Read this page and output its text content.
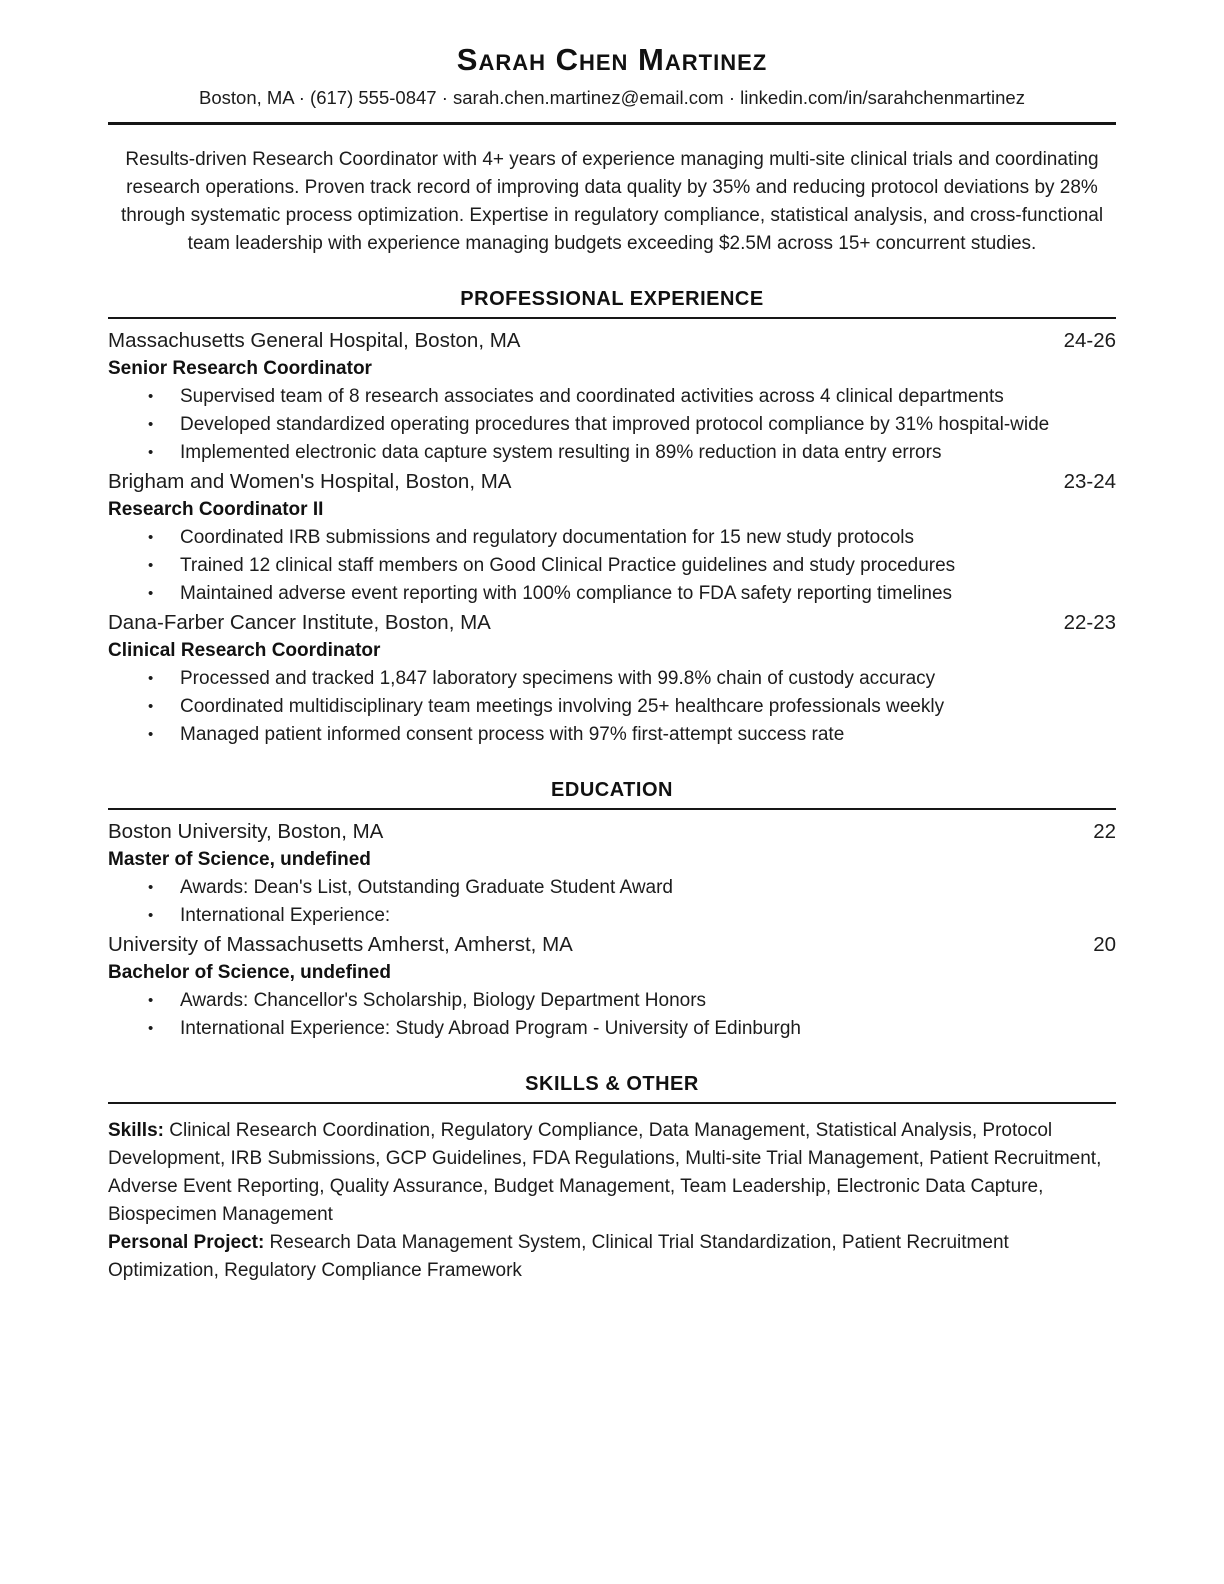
Sarah Chen Martinez
Boston, MA · (617) 555-0847 · sarah.chen.martinez@email.com · linkedin.com/in/sarahchenmartinez

Results-driven Research Coordinator with 4+ years of experience managing multi-site clinical trials and coordinating research operations. Proven track record of improving data quality by 35% and reducing protocol deviations by 28% through systematic process optimization. Expertise in regulatory compliance, statistical analysis, and cross-functional team leadership with experience managing budgets exceeding $2.5M across 15+ concurrent studies.

PROFESSIONAL EXPERIENCE
Massachusetts General Hospital, Boston, MA	24-26
Senior Research Coordinator
•	Supervised team of 8 research associates and coordinated activities across 4 clinical departments
•	Developed standardized operating procedures that improved protocol compliance by 31% hospital-wide
•	Implemented electronic data capture system resulting in 89% reduction in data entry errors
Brigham and Women's Hospital, Boston, MA	23-24
Research Coordinator II
•	Coordinated IRB submissions and regulatory documentation for 15 new study protocols
•	Trained 12 clinical staff members on Good Clinical Practice guidelines and study procedures
•	Maintained adverse event reporting with 100% compliance to FDA safety reporting timelines
Dana-Farber Cancer Institute, Boston, MA	22-23
Clinical Research Coordinator
•	Processed and tracked 1,847 laboratory specimens with 99.8% chain of custody accuracy
•	Coordinated multidisciplinary team meetings involving 25+ healthcare professionals weekly
•	Managed patient informed consent process with 97% first-attempt success rate
EDUCATION
Boston University, Boston, MA	22
Master of Science, undefined
•	Awards: Dean's List, Outstanding Graduate Student Award
•	International Experience:
University of Massachusetts Amherst, Amherst, MA	20
Bachelor of Science, undefined
•	Awards: Chancellor's Scholarship, Biology Department Honors
•	International Experience: Study Abroad Program - University of Edinburgh
SKILLS & OTHER

Skills: Clinical Research Coordination, Regulatory Compliance, Data Management, Statistical Analysis, Protocol Development, IRB Submissions, GCP Guidelines, FDA Regulations, Multi-site Trial Management, Patient Recruitment, Adverse Event Reporting, Quality Assurance, Budget Management, Team Leadership, Electronic Data Capture, Biospecimen Management

Personal Project: Research Data Management System, Clinical Trial Standardization, Patient Recruitment Optimization, Regulatory Compliance Framework
